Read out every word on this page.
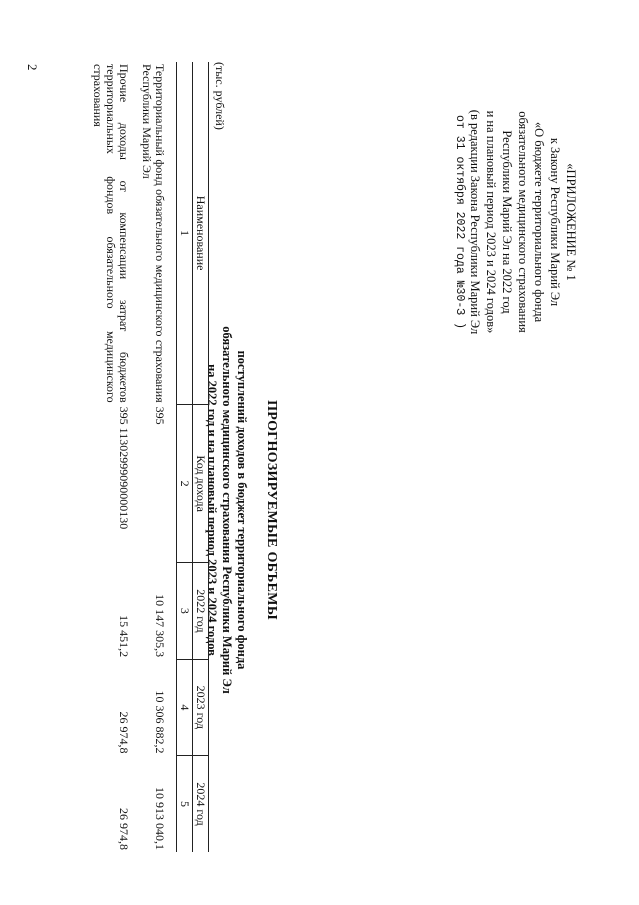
2
«ПРИЛОЖЕНИЕ № 1
к Закону Республики Марий Эл
«О бюджете территориального фонда
обязательного медицинского страхования
Республики Марий Эл на 2022 год
и на плановый период 2023 и 2024 годов»
(в редакции Закона Республики Марий Эл
от 31 октября 2022 года №30-З )
ПРОГНОЗИРУЕМЫЕ ОБЪЕМЫ
поступлений доходов в бюджет территориального фонда
обязательного медицинского страхования Республики Марий Эл
на 2022 год и на плановый период 2023 и 2024 годов
(тыс. рублей)
Наименование	Код дохода	2022 год	2023 год	2024 год
1	2	3	4	5
Территориальный фонд обязательного медицинского страхования Республики Марий Эл	395	10 147 305,3	10 306 882,2	10 913 040,1
Прочие доходы от компенсации затрат бюджетов территориальных фондов обязательного медицинского страхования	395 11302999090000130	15 451,2	26 974,8	26 974,8
